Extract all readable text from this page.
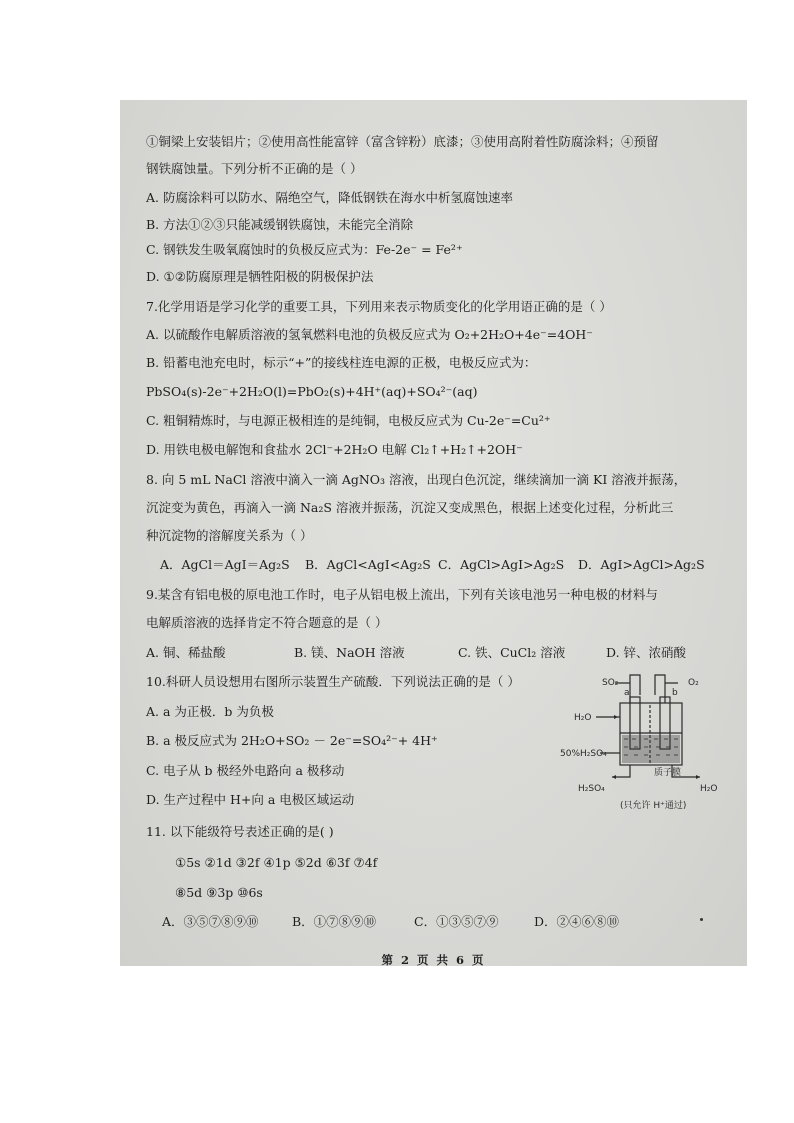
①铜梁上安装铝片；②使用高性能富锌（富含锌粉）底漆；③使用高附着性防腐涂料；④预留
钢铁腐蚀量。下列分析不正确的是（ ）
A. 防腐涂料可以防水、隔绝空气，降低钢铁在海水中析氢腐蚀速率
B. 方法①②③只能减缓钢铁腐蚀，未能完全消除
C. 钢铁发生吸氧腐蚀时的负极反应式为：Fe-2e⁻ = Fe²⁺
D. ①②防腐原理是牺牲阳极的阴极保护法
7.化学用语是学习化学的重要工具，下列用来表示物质变化的化学用语正确的是（ ）
A. 以硫酸作电解质溶液的氢氧燃料电池的负极反应式为 O₂+2H₂O+4e⁻=4OH⁻
B. 铅蓄电池充电时，标示“+”的接线柱连电源的正极，电极反应式为：
PbSO₄(s)-2e⁻+2H₂O(l)=PbO₂(s)+4H⁺(aq)+SO₄²⁻(aq)
C. 粗铜精炼时，与电源正极相连的是纯铜，电极反应式为 Cu-2e⁻=Cu²⁺
D. 用铁电极电解饱和食盐水 2Cl⁻+2H₂O 电解 Cl₂↑+H₂↑+2OH⁻
8. 向 5 mL NaCl 溶液中滴入一滴 AgNO₃ 溶液，出现白色沉淀，继续滴加一滴 KI 溶液并振荡，
沉淀变为黄色，再滴入一滴 Na₂S 溶液并振荡，沉淀又变成黑色，根据上述变化过程，分析此三
种沉淀物的溶解度关系为（ ）
A．AgCl＝AgI＝Ag₂S B．AgCl<AgI<Ag₂S C．AgCl>AgI>Ag₂S D．AgI>AgCl>Ag₂S
9.某含有铝电极的原电池工作时，电子从铝电极上流出，下列有关该电池另一种电极的材料与
电解质溶液的选择肯定不符合题意的是（ ）
A. 铜、稀盐酸	B. 镁、NaOH 溶液	C. 铁、CuCl₂ 溶液	D. 锌、浓硝酸
10.科研人员设想用右图所示装置生产硫酸．下列说法正确的是（ ）
A. a 为正极．b 为负极
B. a 极反应式为 2H₂O+SO₂ － 2e⁻=SO₄²⁻+ 4H⁺
C. 电子从 b 极经外电路向 a 极移动
D. 生产过程中 H+向 a 电极区域运动
SO₂	O₂
a	b
H₂O
50%H₂SO₄
质子膜
H₂SO₄	H₂O
(只允许 H⁺通过)
11. 以下能级符号表述正确的是( )
①5s ②1d ③2f ④1p ⑤2d ⑥3f ⑦4f
⑧5d ⑨3p ⑩6s
A．③⑤⑦⑧⑨⑩	B．①⑦⑧⑨⑩	C．①③⑤⑦⑨	D．②④⑥⑧⑩
第 2 页 共 6 页
